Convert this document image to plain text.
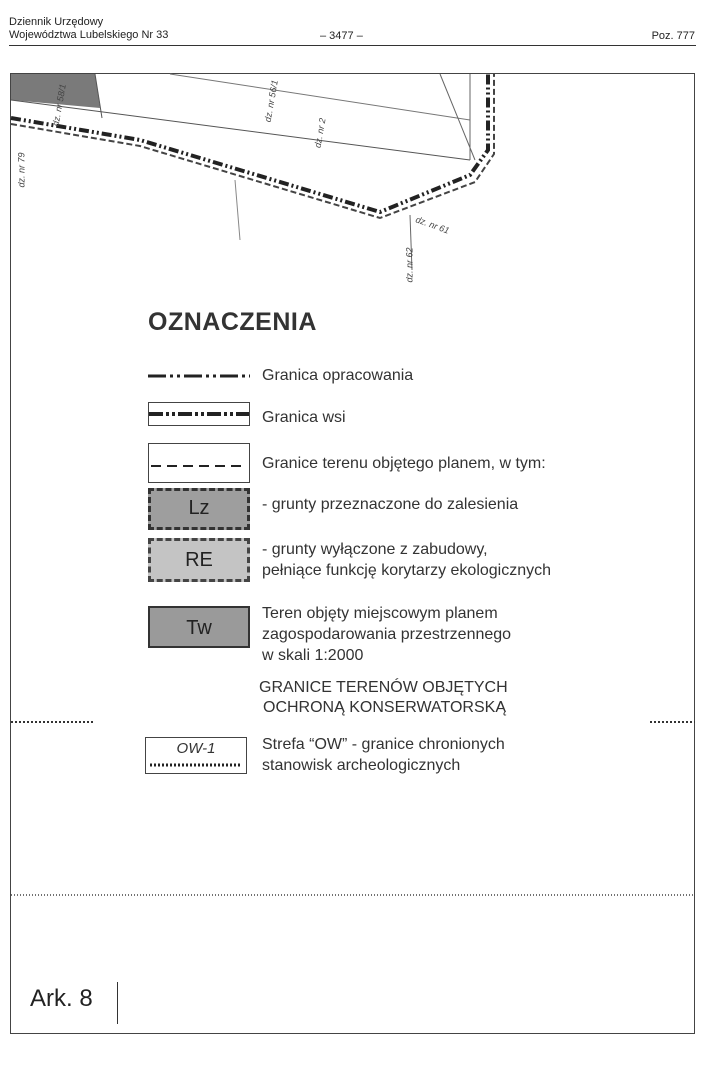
Dziennik Urzędowy
Województwa Lubelskiego Nr 33	– 3477 –	Poz. 777
dz. nr 58/1	dz. nr 56/1
dz. nr 2
dz. nr 79
dz. nr 61
dz. nr 62
OZNACZENIA
Granica opracowania
Granica wsi
Granice terenu objętego planem, w tym:
Lz	- grunty przeznaczone do zalesienia
RE	- grunty wyłączone z zabudowy,
pełniące funkcję korytarzy ekologicznych
Tw
Teren objęty miejscowym planem
zagospodarowania przestrzennego
w skali 1:2000
GRANICE TERENÓW OBJĘTYCH
OCHRONĄ KONSERWATORSKĄ
OW-1	Strefa “OW” - granice chronionych
stanowisk archeologicznych
Ark. 8
